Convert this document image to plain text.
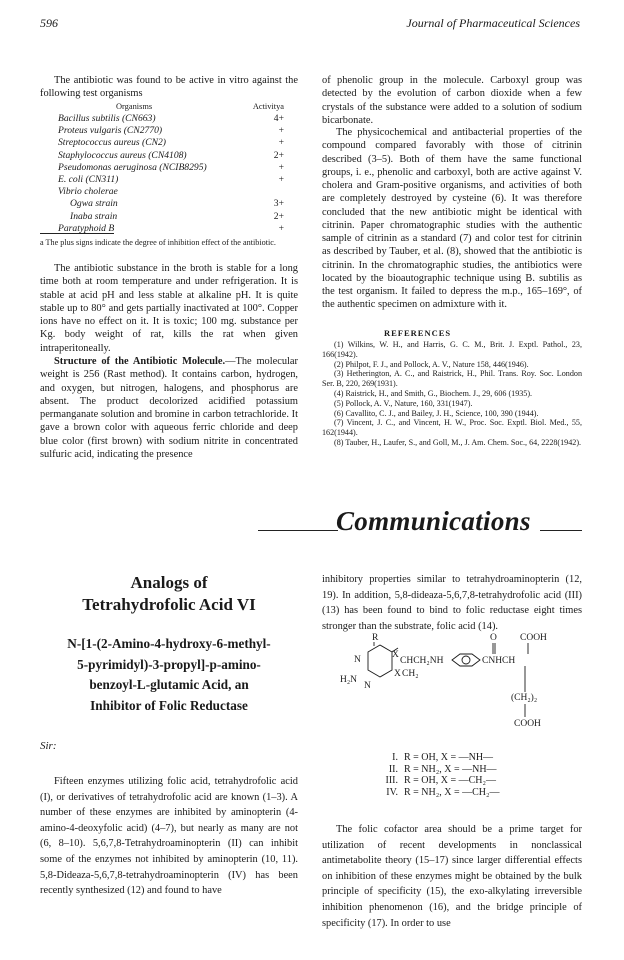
596	Journal of Pharmaceutical Sciences
The antibiotic was found to be active in vitro against the following test organisms
Organisms	Activitya
Bacillus subtilis (CN663)	4+
Proteus vulgaris (CN2770)	+
Streptococcus aureus (CN2)	+
Staphylococcus aureus (CN4108)	2+
Pseudomonas aeruginosa (NCIB8295)	+
E. coli (CN311)	+
Vibrio cholerae
Ogwa strain	3+
Inaba strain	2+
Paratyphoid B	+
a The plus signs indicate the degree of inhibition effect of the antibiotic.
The antibiotic substance in the broth is stable for a long time both at room temperature and under refrigeration. It is stable at acid pH and less stable at alkaline pH. It is quite stable up to 80° and gets partially inactivated at 100°. Copper ions have no effect on it. It is toxic; 100 mg. substance per Kg. body weight of rat, kills the rat when given intraperitoneally.
Structure of the Antibiotic Molecule.—The molecular weight is 256 (Rast method). It contains carbon, hydrogen, and oxygen, but nitrogen, halogens, and phosphorus are absent. The product decolorized acidified potassium permanganate solution and bromine in carbon tetrachloride. It gave a brown color with aqueous ferric chloride and deep blue color (first brown) with sodium nitrite in concentrated sulfuric acid, indicating the presence
of phenolic group in the molecule. Carboxyl group was detected by the evolution of carbon dioxide when a few crystals of the substance were added to a solution of sodium bicarbonate.
The physicochemical and antibacterial properties of the compound compared favorably with those of citrinin described (3–5). Both of them have the same functional groups, i. e., phenolic and carboxyl, both are active against V. cholera and Gram-positive organisms, and activities of both are completely destroyed by cysteine (6). It was therefore concluded that the new antibiotic might be identical with citrinin. Paper chromatographic studies with the authentic sample of citrinin as a standard (7) and color test for citrinin as described by Tauber, et al. (8), showed that the antibiotic is citrinin. In the chromatographic studies, the antibiotics were located by the bioautographic technique using B. subtilis as the test organism. It failed to depress the m.p., 165–169°, of the authentic specimen on admixture with it.
REFERENCES
(1) Wilkins, W. H., and Harris, G. C. M., Brit. J. Exptl. Pathol., 23, 166(1942).
(2) Philpot, F. J., and Pollock, A. V., Nature 158, 446(1946).
(3) Hetherington, A. C., and Raistrick, H., Phil. Trans. Roy. Soc. London Ser. B, 220, 269(1931).
(4) Raistrick, H., and Smith, G., Biochem. J., 29, 606 (1935).
(5) Pollock, A. V., Nature, 160, 331(1947).
(6) Cavallito, C. J., and Bailey, J. H., Science, 100, 390 (1944).
(7) Vincent, J. C., and Vincent, H. W., Proc. Soc. Exptl. Biol. Med., 55, 162(1944).
(8) Tauber, H., Laufer, S., and Goll, M., J. Am. Chem. Soc., 64, 2228(1942).
Communications
Analogs of
Tetrahydrofolic Acid VI
N-[1-(2-Amino-4-hydroxy-6-methyl-
5-pyrimidyl)-3-propyl]-p-amino-
benzoyl-L-glutamic Acid, an
Inhibitor of Folic Reductase
Sir:
Fifteen enzymes utilizing folic acid, tetrahydrofolic acid (I), or derivatives of tetrahydrofolic acid are known (1–3). A number of these enzymes are inhibited by aminopterin (4-amino-4-deoxyfolic acid) (4–7), but nearly as many are not (6, 8–10). 5,6,7,8-Tetrahydroaminopterin (II) can inhibit some of the enzymes not inhibited by aminopterin (10, 11). 5,8-Dideaza-5,6,7,8-tetrahydroaminopterin (IV) has been recently synthesized (12) and found to have
inhibitory properties similar to tetrahydroaminopterin (12, 19). In addition, 5,8-dideaza-5,6,7,8-tetrahydrofolic acid (III) (13) has been found to bind to folic reductase eight times stronger than the substrate, folic acid (14).
R	O COOH
N	X
CHCH₂NH	CNHCH
H₂N
X CH₂
N
(CH₂)₂
COOH
I. R = OH, X = —NH—
II. R = NH₂, X = —NH—
III. R = OH, X = —CH₂—
IV. R = NH₂, X = —CH₂—
The folic cofactor area should be a prime target for utilization of recent developments in nonclassical antimetabolite theory (15–17) since larger differential effects on inhibition of these enzymes might be obtained by the bulk principle of specificity (15), the exo-alkylating irreversible inhibition phenomenon (16), and the bridge principle of specificity (17). In order to use
